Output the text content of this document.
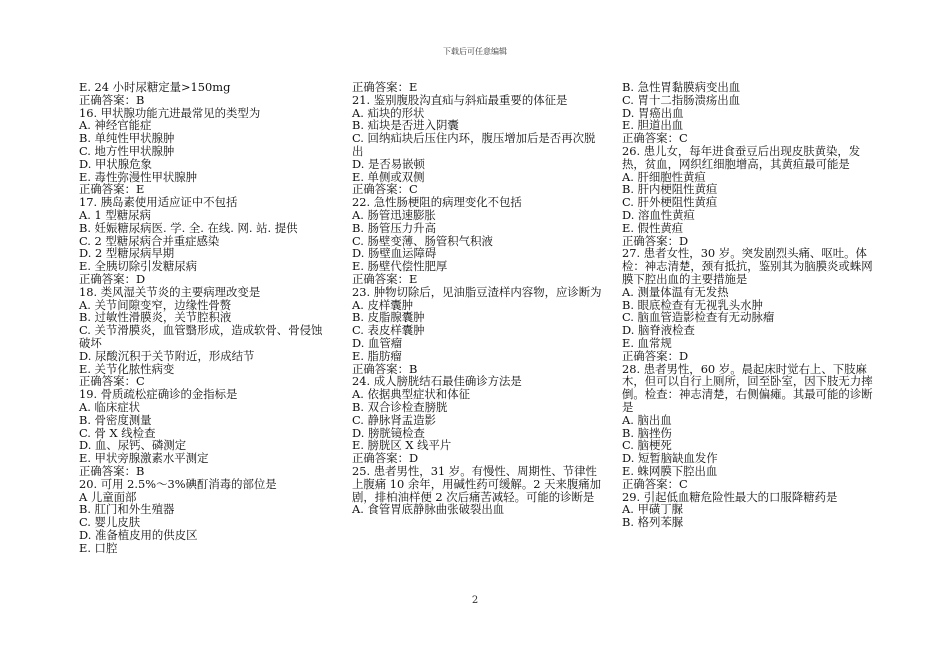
下载后可任意编辑
E. 24 小时尿糖定量>150mg
正确答案：B
16. 甲状腺功能亢进最常见的类型为
A. 神经官能症
B. 单纯性甲状腺肿
C. 地方性甲状腺肿
D. 甲状腺危象
E. 毒性弥漫性甲状腺肿
正确答案：E
17. 胰岛素使用适应证中不包括
A. 1 型糖尿病
B. 妊娠糖尿病医. 学. 全. 在线. 网. 站. 提供
C. 2 型糖尿病合并重症感染
D. 2 型糖尿病早期
E. 全胰切除引发糖尿病
正确答案：D
18. 类风湿关节炎的主要病理改变是
A. 关节间隙变窄，边缘性骨赘
B. 过敏性滑膜炎，关节腔积液
C. 关节滑膜炎，血管翳形成，造成软骨、骨侵蚀破坏
D. 尿酸沉积于关节附近，形成结节
E. 关节化脓性病变
正确答案：C
19. 骨质疏松症确诊的金指标是
A. 临床症状
B. 骨密度测量
C. 骨 X 线检查
D. 血、尿钙、磷测定
E. 甲状旁腺激素水平测定
正确答案：B
20. 可用 2.5%～3%碘酊消毒的部位是
A 儿童面部
B. 肛门和外生殖器
C. 婴儿皮肤
D. 准备植皮用的供皮区
E. 口腔
正确答案：E
21. 鉴别腹股沟直疝与斜疝最重要的体征是
A. 疝块的形状
B. 疝块是否进入阴囊
C. 回纳疝块后压住内环，腹压增加后是否再次脱出
D. 是否易嵌顿
E. 单侧或双侧
正确答案：C
22. 急性肠梗阻的病理变化不包括
A. 肠管迅速膨胀
B. 肠管压力升高
C. 肠壁变薄、肠管积气积液
D. 肠壁血运障碍
E. 肠壁代偿性肥厚
正确答案：E
23. 肿物切除后，见油脂豆渣样内容物，应诊断为
A. 皮样囊肿
B. 皮脂腺囊肿
C. 表皮样囊肿
D. 血管瘤
E. 脂肪瘤
正确答案：B
24. 成人膀胱结石最佳确诊方法是
A. 依据典型症状和体征
B. 双合诊检查膀胱
C. 静脉肾盂造影
D. 膀胱镜检查
E. 膀胱区 X 线平片
正确答案：D
25. 患者男性，31 岁。有慢性、周期性、节律性上腹痛 10 余年，用碱性药可缓解。2 天来腹痛加剧，排柏油样便 2 次后痛苦减轻。可能的诊断是
A. 食管胃底静脉曲张破裂出血
B. 急性胃黏膜病变出血
C. 胃十二指肠溃疡出血
D. 胃癌出血
E. 胆道出血
正确答案：C
26. 患儿女，每年进食蚕豆后出现皮肤黄染，发热，贫血，网织红细胞增高，其黄疸最可能是
A. 肝细胞性黄疸
B. 肝内梗阻性黄疸
C. 肝外梗阻性黄疸
D. 溶血性黄疸
E. 假性黄疸
正确答案：D
27. 患者女性，30 岁。突发剧烈头痛、呕吐。体检：神志清楚，颈有抵抗，鉴别其为脑膜炎或蛛网膜下腔出血的主要措施是
A. 测量体温有无发热
B. 眼底检查有无视乳头水肿
C. 脑血管造影检查有无动脉瘤
D. 脑脊液检查
E. 血常规
正确答案：D
28. 患者男性，60 岁。晨起床时觉右上、下肢麻木，但可以自行上厕所，回至卧室，因下肢无力摔倒。检查：神志清楚，右侧偏瘫。其最可能的诊断是
A. 脑出血
B. 脑挫伤
C. 脑梗死
D. 短暂脑缺血发作
E. 蛛网膜下腔出血
正确答案：C
29. 引起低血糖危险性最大的口服降糖药是
A. 甲磺丁脲
B. 格列苯脲
2
